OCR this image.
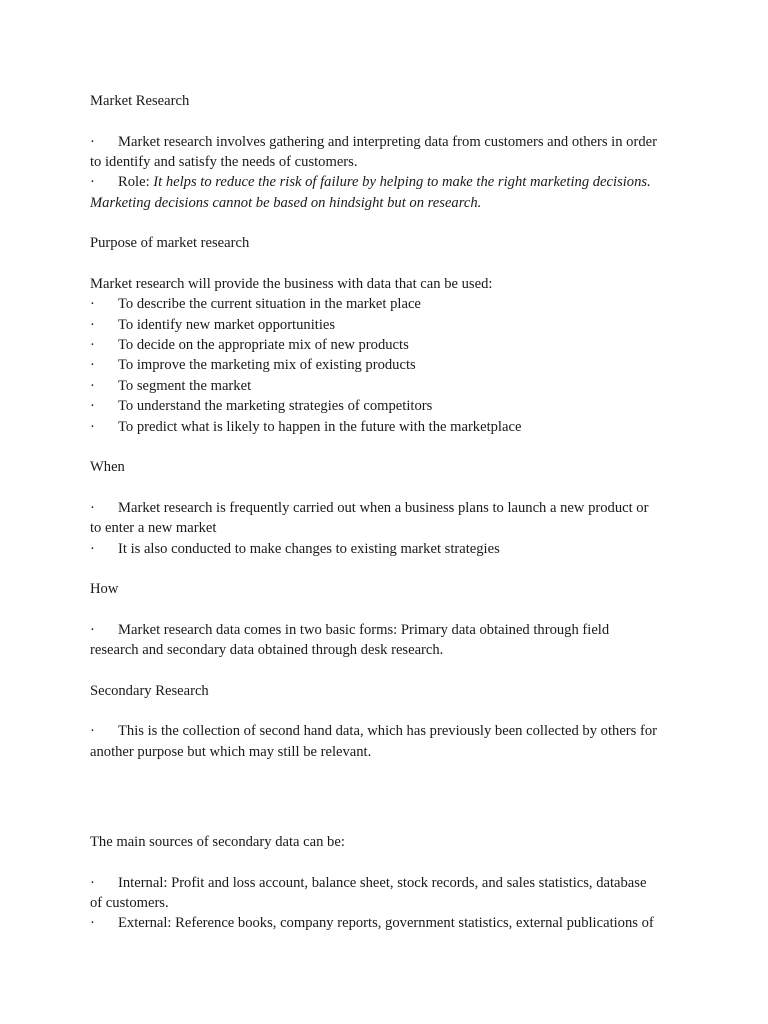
Market Research
· Market research involves gathering and interpreting data from customers and others in order
to identify and satisfy the needs of customers.
· Role: It helps to reduce the risk of failure by helping to make the right marketing decisions.
Marketing decisions cannot be based on hindsight but on research.
Purpose of market research
Market research will provide the business with data that can be used:
· To describe the current situation in the market place
· To identify new market opportunities
· To decide on the appropriate mix of new products
· To improve the marketing mix of existing products
· To segment the market
· To understand the marketing strategies of competitors
· To predict what is likely to happen in the future with the marketplace
When
· Market research is frequently carried out when a business plans to launch a new product or
to enter a new market
· It is also conducted to make changes to existing market strategies
How
· Market research data comes in two basic forms: Primary data obtained through field
research and secondary data obtained through desk research.
Secondary Research
· This is the collection of second hand data, which has previously been collected by others for
another purpose but which may still be relevant.
The main sources of secondary data can be:
· Internal: Profit and loss account, balance sheet, stock records, and sales statistics, database
of customers.
· External: Reference books, company reports, government statistics, external publications of
